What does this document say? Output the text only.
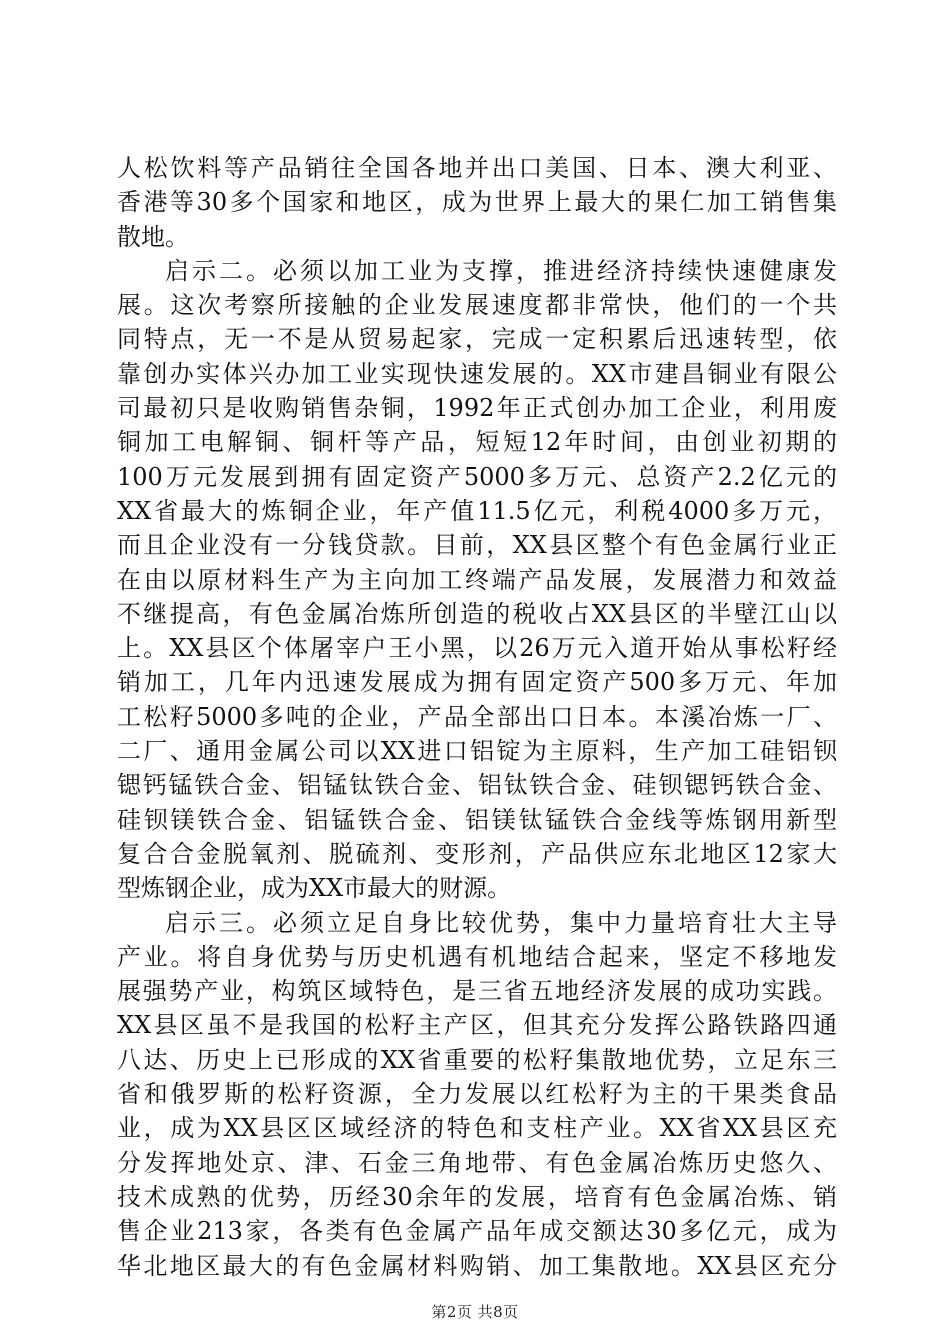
人松饮料等产品销往全国各地并出口美国、日本、澳大利亚、
香港等30多个国家和地区，成为世界上最大的果仁加工销售集
散地。
启示二。必须以加工业为支撑，推进经济持续快速健康发
展。这次考察所接触的企业发展速度都非常快，他们的一个共
同特点，无一不是从贸易起家，完成一定积累后迅速转型，依
靠创办实体兴办加工业实现快速发展的。XX市建昌铜业有限公
司最初只是收购销售杂铜，1992年正式创办加工企业，利用废
铜加工电解铜、铜杆等产品，短短12年时间，由创业初期的
100万元发展到拥有固定资产5000多万元、总资产2.2亿元的
XX省最大的炼铜企业，年产值11.5亿元，利税4000多万元，
而且企业没有一分钱贷款。目前，XX县区整个有色金属行业正
在由以原材料生产为主向加工终端产品发展，发展潜力和效益
不继提高，有色金属冶炼所创造的税收占XX县区的半壁江山以
上。XX县区个体屠宰户王小黑，以26万元入道开始从事松籽经
销加工，几年内迅速发展成为拥有固定资产500多万元、年加
工松籽5000多吨的企业，产品全部出口日本。本溪冶炼一厂、
二厂、通用金属公司以XX进口铝锭为主原料，生产加工硅铝钡
锶钙锰铁合金、铝锰钛铁合金、铝钛铁合金、硅钡锶钙铁合金、
硅钡镁铁合金、铝锰铁合金、铝镁钛锰铁合金线等炼钢用新型
复合合金脱氧剂、脱硫剂、变形剂，产品供应东北地区12家大
型炼钢企业，成为XX市最大的财源。
启示三。必须立足自身比较优势，集中力量培育壮大主导
产业。将自身优势与历史机遇有机地结合起来，坚定不移地发
展强势产业，构筑区域特色，是三省五地经济发展的成功实践。
XX县区虽不是我国的松籽主产区，但其充分发挥公路铁路四通
八达、历史上已形成的XX省重要的松籽集散地优势，立足东三
省和俄罗斯的松籽资源，全力发展以红松籽为主的干果类食品
业，成为XX县区区域经济的特色和支柱产业。XX省XX县区充
分发挥地处京、津、石金三角地带、有色金属冶炼历史悠久、
技术成熟的优势，历经30余年的发展，培育有色金属冶炼、销
售企业213家，各类有色金属产品年成交额达30多亿元，成为
华北地区最大的有色金属材料购销、加工集散地。XX县区充分
第2页 共8页
